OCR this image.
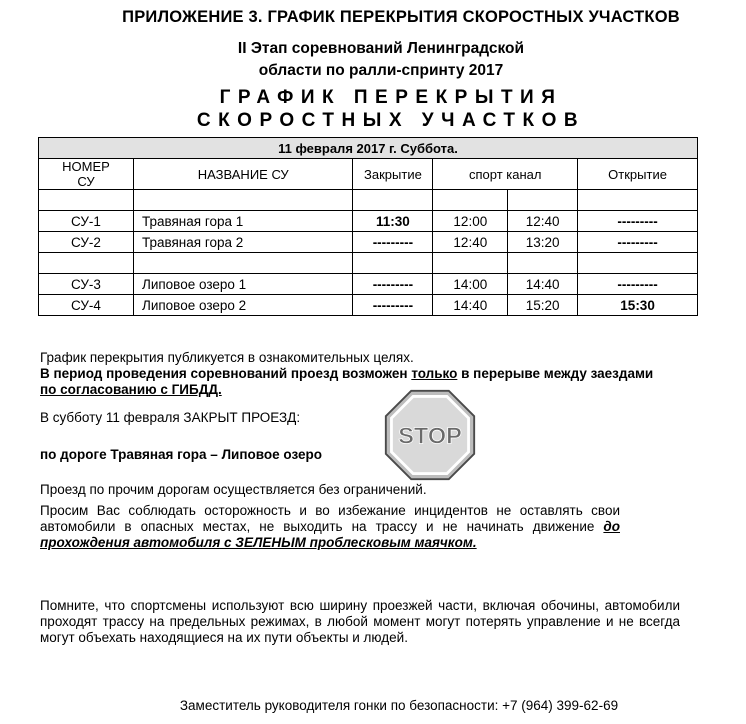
ПРИЛОЖЕНИЕ 3. ГРАФИК ПЕРЕКРЫТИЯ СКОРОСТНЫХ УЧАСТКОВ
II Этап соревнований Ленинградской
области по ралли-спринту 2017
ГРАФИК ПЕРЕКРЫТИЯ
СКОРОСТНЫХ УЧАСТКОВ
11 февраля 2017 г. Суббота.					
НОМЕР СУ	НАЗВАНИЕ СУ	Закрытие	спорт канал		Открытие

СУ-1	Травяная гора 1	11:30	12:00	12:40	---------
СУ-2	Травяная гора 2	---------	12:40	13:20	---------

СУ-3	Липовое озеро 1	---------	14:00	14:40	---------
СУ-4	Липовое озеро 2	---------	14:40	15:20	15:30
График перекрытия публикуется в ознакомительных целях.
В период проведения соревнований проезд возможен только в перерыве между заездами по согласованию с ГИБДД.
В субботу 11 февраля ЗАКРЫТ ПРОЕЗД:
по дороге Травяная гора – Липовое озеро
STOP
Проезд по прочим дорогам осуществляется без ограничений.
Просим Вас соблюдать осторожность и во избежание инцидентов не оставлять свои автомобили в опасных местах, не выходить на трассу и не начинать движение до прохождения автомобиля с ЗЕЛЕНЫМ проблесковым маячком.
Помните, что спортсмены используют всю ширину проезжей части, включая обочины, автомобили проходят трассу на предельных режимах, в любой момент могут потерять управление и не всегда могут объехать находящиеся на их пути объекты и людей.
Заместитель руководителя гонки по безопасности: +7 (964) 399-62-69
